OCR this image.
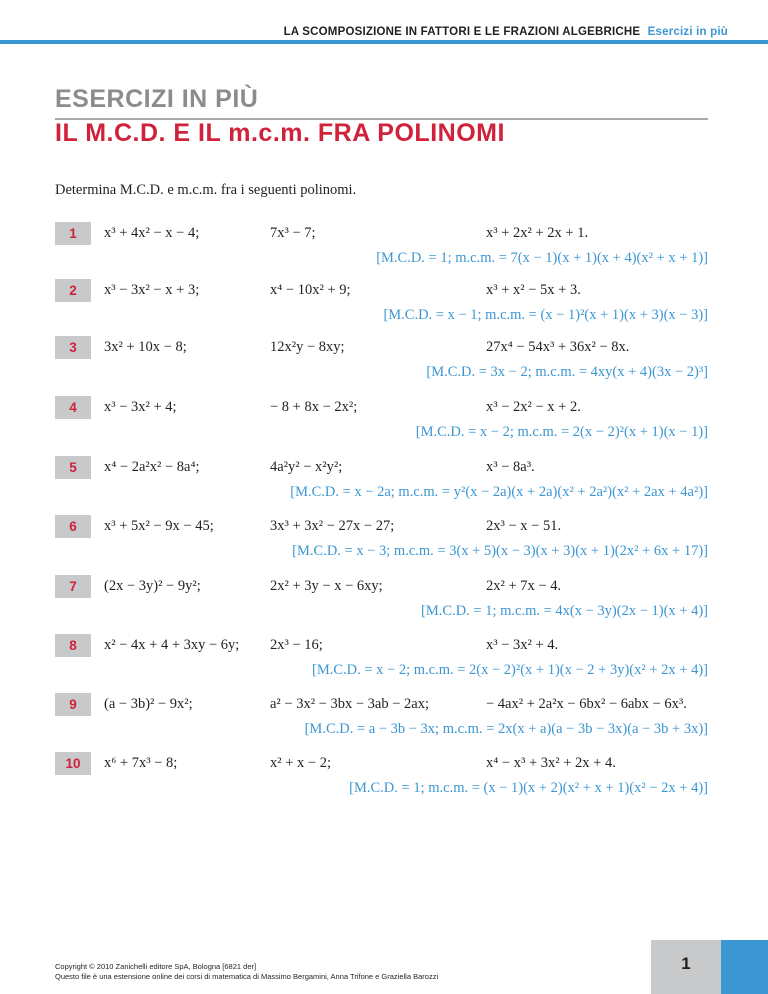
LA SCOMPOSIZIONE IN FATTORI E LE FRAZIONI ALGEBRICHE Esercizi in più
ESERCIZI IN PIÙ
IL M.C.D. E IL m.c.m. FRA POLINOMI
Determina M.C.D. e m.c.m. fra i seguenti polinomi.
1	x³ + 4x² − x − 4;	7x³ − 7;	x³ + 2x² + 2x + 1.
[M.C.D. = 1; m.c.m. = 7(x − 1)(x + 1)(x + 4)(x² + x + 1)]
2	x³ − 3x² − x + 3;	x⁴ − 10x² + 9;	x³ + x² − 5x + 3.
[M.C.D. = x − 1; m.c.m. = (x − 1)²(x + 1)(x + 3)(x − 3)]
3	3x² + 10x − 8;	12x²y − 8xy;	27x⁴ − 54x³ + 36x² − 8x.
[M.C.D. = 3x − 2; m.c.m. = 4xy(x + 4)(3x − 2)³]
4	x³ − 3x² + 4;	− 8 + 8x − 2x²;	x³ − 2x² − x + 2.
[M.C.D. = x − 2; m.c.m. = 2(x − 2)²(x + 1)(x − 1)]
5	x⁴ − 2a²x² − 8a⁴;	4a²y² − x²y²;	x³ − 8a³.
[M.C.D. = x − 2a; m.c.m. = y²(x − 2a)(x + 2a)(x² + 2a²)(x² + 2ax + 4a²)]
6	x³ + 5x² − 9x − 45;	3x³ + 3x² − 27x − 27;	2x³ − x − 51.
[M.C.D. = x − 3; m.c.m. = 3(x + 5)(x − 3)(x + 3)(x + 1)(2x² + 6x + 17)]
7	(2x − 3y)² − 9y²;	2x² + 3y − x − 6xy;	2x² + 7x − 4.
[M.C.D. = 1; m.c.m. = 4x(x − 3y)(2x − 1)(x + 4)]
8	x² − 4x + 4 + 3xy − 6y; 2x³ − 16;	x³ − 3x² + 4.
[M.C.D. = x − 2; m.c.m. = 2(x − 2)²(x + 1)(x − 2 + 3y)(x² + 2x + 4)]
9	(a − 3b)² − 9x²;	a² − 3x² − 3bx − 3ab − 2ax;	− 4ax² + 2a²x − 6bx² − 6abx − 6x³.
[M.C.D. = a − 3b − 3x; m.c.m. = 2x(x + a)(a − 3b − 3x)(a − 3b + 3x)]
10	x⁶ + 7x³ − 8;	x² + x − 2;	x⁴ − x³ + 3x² + 2x + 4.
[M.C.D. = 1; m.c.m. = (x − 1)(x + 2)(x² + x + 1)(x² − 2x + 4)]
Copyright © 2010 Zanichelli editore SpA, Bologna [6821 der]
Questo file è una estensione online dei corsi di matematica di Massimo Bergamini, Anna Trifone e Graziella Barozzi
1
